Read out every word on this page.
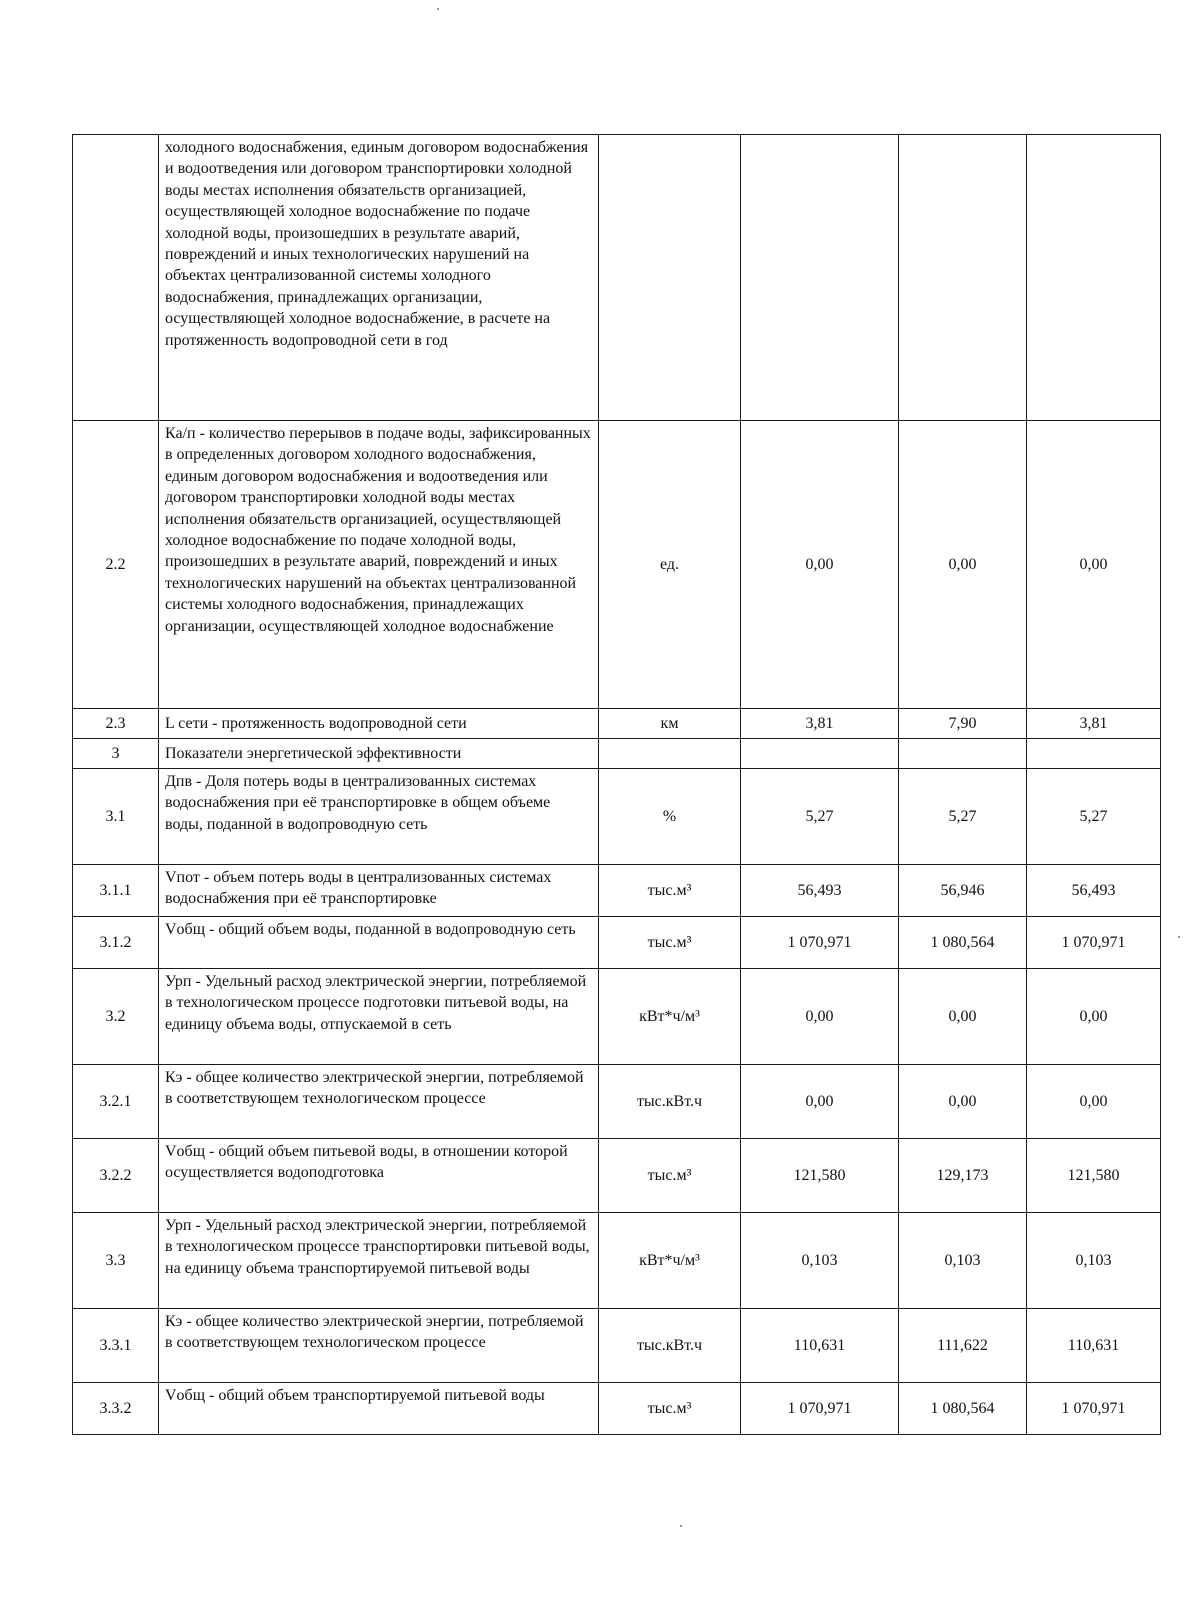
	холодного водоснабжения, единым договором водоснабжения и водоотведения или договором транспортировки холодной воды местах исполнения обязательств организацией, осуществляющей холодное водоснабжение по подаче холодной воды, произошедших в результате аварий, повреждений и иных технологических нарушений на объектах централизованной системы холодного водоснабжения, принадлежащих организации, осуществляющей холодное водоснабжение, в расчете на протяженность водопроводной сети в год				
2.2	Ка/п - количество перерывов в подаче воды, зафиксированных в определенных договором холодного водоснабжения, единым договором водоснабжения и водоотведения или договором транспортировки холодной воды местах исполнения обязательств организацией, осуществляющей холодное водоснабжение по подаче холодной воды, произошедших в результате аварий, повреждений и иных технологических нарушений на объектах централизованной системы холодного водоснабжения, принадлежащих организации, осуществляющей холодное водоснабжение	ед.	0,00	0,00	0,00
2.3	L сети - протяженность водопроводной сети	км	3,81	7,90	3,81
3	Показатели энергетической эффективности				
3.1	Дпв - Доля потерь воды в централизованных системах водоснабжения при её транспортировке в общем объеме воды, поданной в водопроводную сеть	%	5,27	5,27	5,27
3.1.1	Vпот - объем потерь воды в централизованных системах водоснабжения при её транспортировке	тыс.м³	56,493	56,946	56,493
3.1.2	Vобщ - общий объем воды, поданной в водопроводную сеть	тыс.м³	1 070,971	1 080,564	1 070,971
3.2	Урп - Удельный расход электрической энергии, потребляемой в технологическом процессе подготовки питьевой воды, на единицу объема воды, отпускаемой в сеть	кВт*ч/м³	0,00	0,00	0,00
3.2.1	Кэ - общее количество электрической энергии, потребляемой в соответствующем технологическом процессе	тыс.кВт.ч	0,00	0,00	0,00
3.2.2	Vобщ - общий объем питьевой воды, в отношении которой осуществляется водоподготовка	тыс.м³	121,580	129,173	121,580
3.3	Урп - Удельный расход электрической энергии, потребляемой в технологическом процессе транспортировки питьевой воды, на единицу объема транспортируемой питьевой воды	кВт*ч/м³	0,103	0,103	0,103
3.3.1	Кэ - общее количество электрической энергии, потребляемой в соответствующем технологическом процессе	тыс.кВт.ч	110,631	111,622	110,631
3.3.2	Vобщ - общий объем транспортируемой питьевой воды	тыс.м³	1 070,971	1 080,564	1 070,971
